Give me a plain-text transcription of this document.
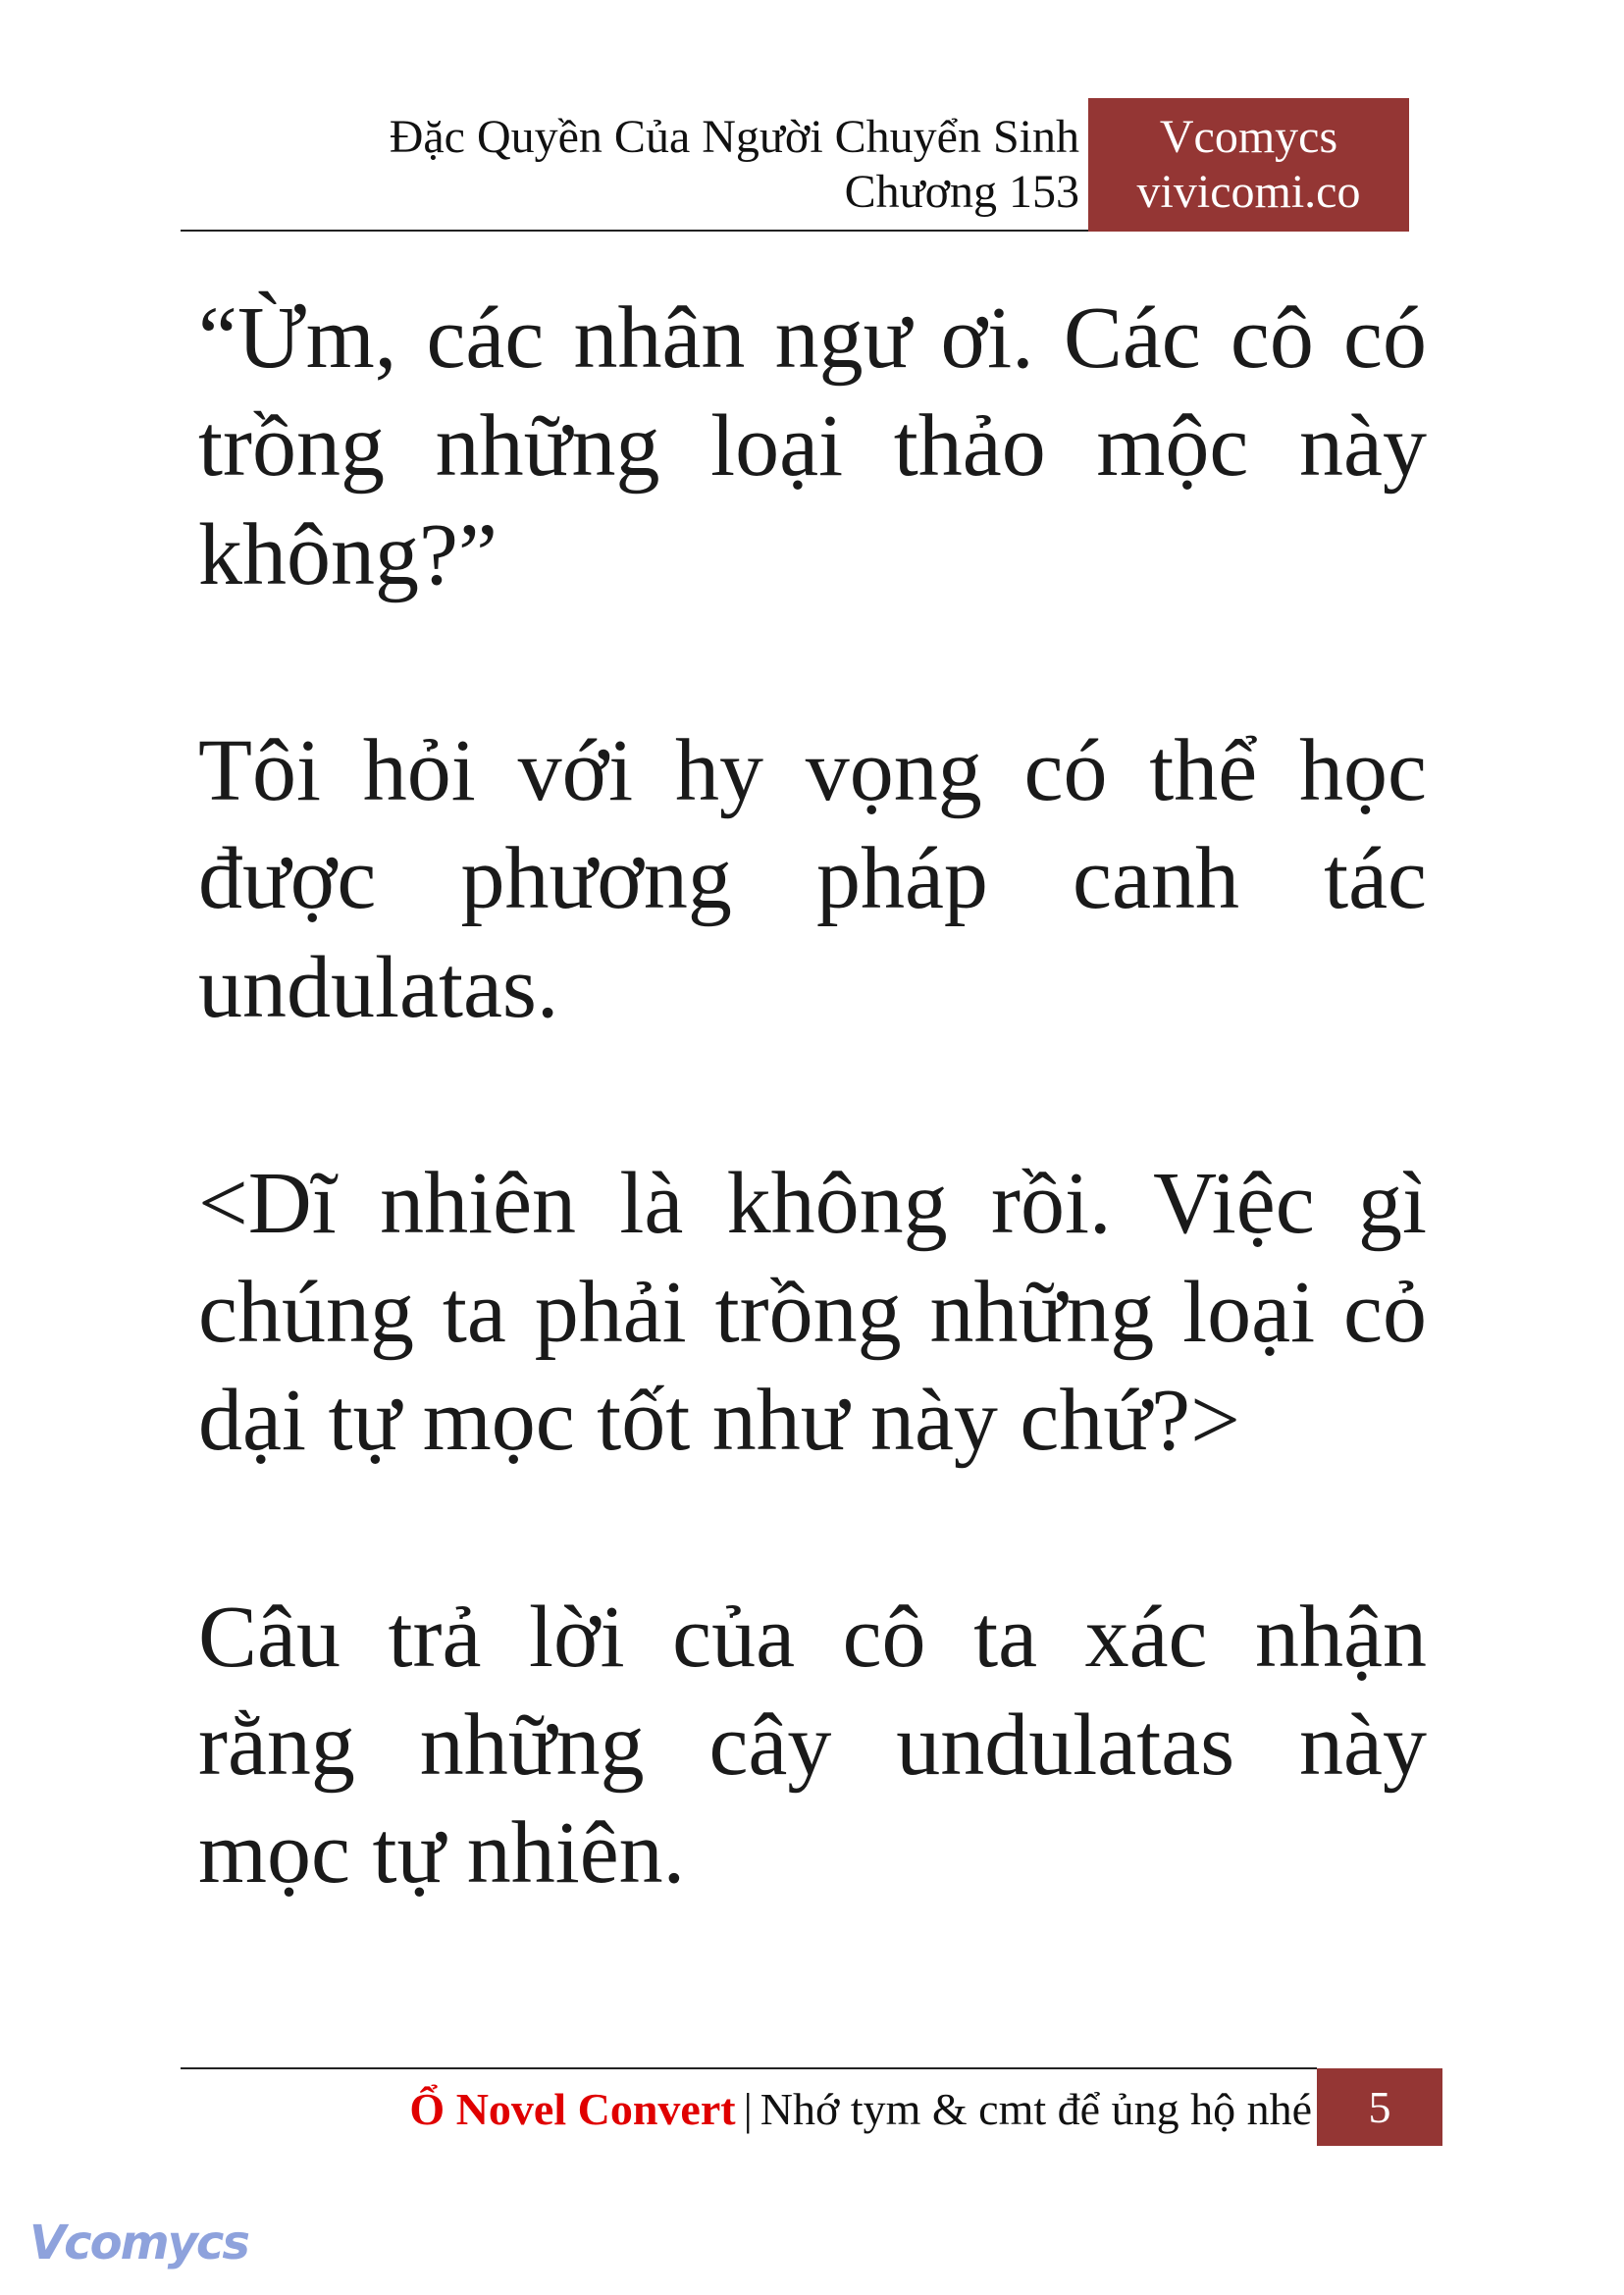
Đặc Quyền Của Người Chuyển Sinh
Chương 153
Vcomycs
vivicomi.co

“Ừm, các nhân ngư ơi. Các cô có trồng những loại thảo mộc này không?”

Tôi hỏi với hy vọng có thể học được phương pháp canh tác undulatas.

<Dĩ nhiên là không rồi. Việc gì chúng ta phải trồng những loại cỏ dại tự mọc tốt như này chứ?>

Câu trả lời của cô ta xác nhận rằng những cây undulatas này mọc tự nhiên.

Ổ Novel Convert | Nhớ tym & cmt để ủng hộ nhé	5
Vcomycs
